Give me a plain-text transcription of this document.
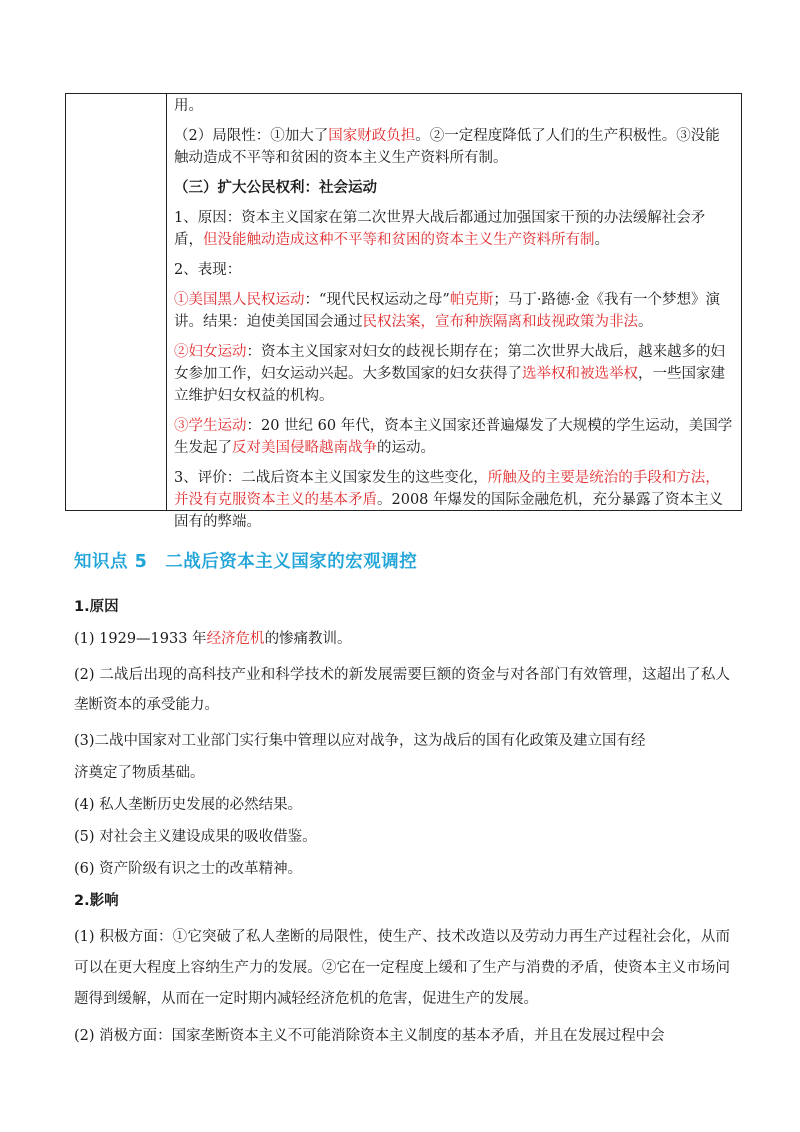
用。

（2）局限性：①加大了国家财政负担。②一定程度降低了人们的生产积极性。③没能触动造成不平等和贫困的资本主义生产资料所有制。

（三）扩大公民权利：社会运动

1、原因：资本主义国家在第二次世界大战后都通过加强国家干预的办法缓解社会矛盾，但没能触动造成这种不平等和贫困的资本主义生产资料所有制。

2、表现：

①美国黑人民权运动：“现代民权运动之母”帕克斯；马丁·路德·金《我有一个梦想》演讲。结果：迫使美国国会通过民权法案，宣布种族隔离和歧视政策为非法。

②妇女运动：资本主义国家对妇女的歧视长期存在；第二次世界大战后，越来越多的妇女参加工作，妇女运动兴起。大多数国家的妇女获得了选举权和被选举权，一些国家建立维护妇女权益的机构。

③学生运动：20 世纪 60 年代，资本主义国家还普遍爆发了大规模的学生运动，美国学生发起了反对美国侵略越南战争的运动。

3、评价：二战后资本主义国家发生的这些变化，所触及的主要是统治的手段和方法，并没有克服资本主义的基本矛盾。2008 年爆发的国际金融危机，充分暴露了资本主义固有的弊端。

知识点 5　二战后资本主义国家的宏观调控

1.原因

(1) 1929—1933 年经济危机的惨痛教训。

(2) 二战后出现的高科技产业和科学技术的新发展需要巨额的资金与对各部门有效管理，这超出了私人垄断资本的承受能力。

(3)二战中国家对工业部门实行集中管理以应对战争，这为战后的国有化政策及建立国有经

济奠定了物质基础。

(4) 私人垄断历史发展的必然结果。

(5) 对社会主义建设成果的吸收借鉴。

(6) 资产阶级有识之士的改革精神。

2.影响

(1) 积极方面：①它突破了私人垄断的局限性，使生产、技术改造以及劳动力再生产过程社会化，从而可以在更大程度上容纳生产力的发展。②它在一定程度上缓和了生产与消费的矛盾，使资本主义市场问题得到缓解，从而在一定时期内减轻经济危机的危害，促进生产的发展。

(2) 消极方面：国家垄断资本主义不可能消除资本主义制度的基本矛盾，并且在发展过程中会
